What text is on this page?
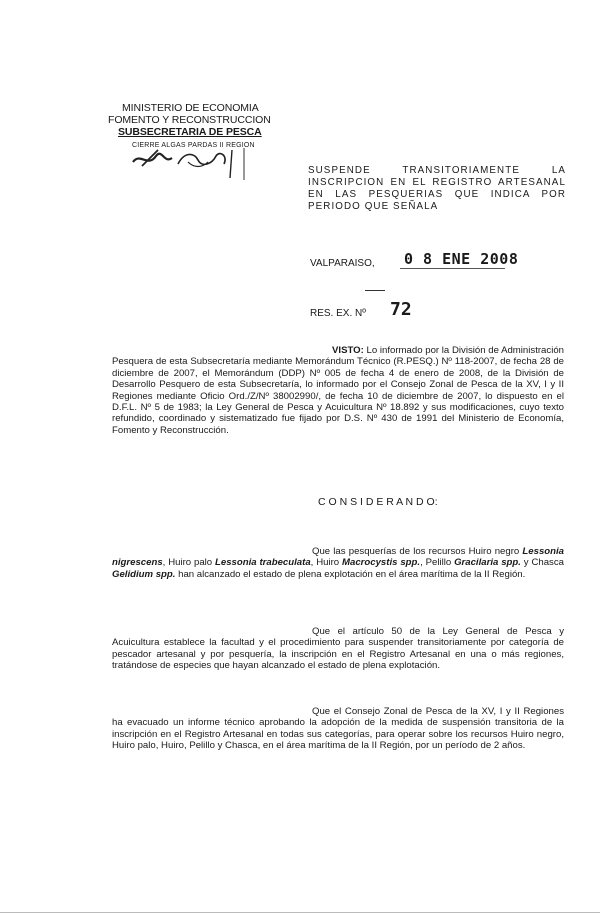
MINISTERIO DE ECONOMIA
FOMENTO Y RECONSTRUCCION
SUBSECRETARIA DE PESCA
CIERRE ALGAS PARDAS II REGION
SUSPENDE TRANSITORIAMENTE LA
INSCRIPCION EN EL REGISTRO ARTESANAL
EN LAS PESQUERIAS QUE INDICA POR
PERIODO QUE SEÑALA
VALPARAISO, 0 8 ENE 2008
RES. EX. Nº 72
VISTO: Lo informado por la División de Administración Pesquera de esta Subsecretaría mediante Memorándum Técnico (R.PESQ.) Nº 118-2007, de fecha 28 de diciembre de 2007, el Memorándum (DDP) Nº 005 de fecha 4 de enero de 2008, de la División de Desarrollo Pesquero de esta Subsecretaría, lo informado por el Consejo Zonal de Pesca de la XV, I y II Regiones mediante Oficio Ord./Z/Nº 38002990/, de fecha 10 de diciembre de 2007, lo dispuesto en el D.F.L. Nº 5 de 1983; la Ley General de Pesca y Acuicultura Nº 18.892 y sus modificaciones, cuyo texto refundido, coordinado y sistematizado fue fijado por D.S. Nº 430 de 1991 del Ministerio de Economía, Fomento y Reconstrucción.
C O N S I D E R A N D O:
Que las pesquerías de los recursos Huiro negro Lessonia nigrescens, Huiro palo Lessonia trabeculata, Huiro Macrocystis spp., Pelillo Gracilaria spp. y Chasca Gelidium spp. han alcanzado el estado de plena explotación en el área marítima de la II Región.
Que el artículo 50 de la Ley General de Pesca y Acuicultura establece la facultad y el procedimiento para suspender transitoriamente por categoría de pescador artesanal y por pesquería, la inscripción en el Registro Artesanal en una o más regiones, tratándose de especies que hayan alcanzado el estado de plena explotación.
Que el Consejo Zonal de Pesca de la XV, I y II Regiones ha evacuado un informe técnico aprobando la adopción de la medida de suspensión transitoria de la inscripción en el Registro Artesanal en todas sus categorías, para operar sobre los recursos Huiro negro, Huiro palo, Huiro, Pelillo y Chasca, en el área marítima de la II Región, por un período de 2 años.
